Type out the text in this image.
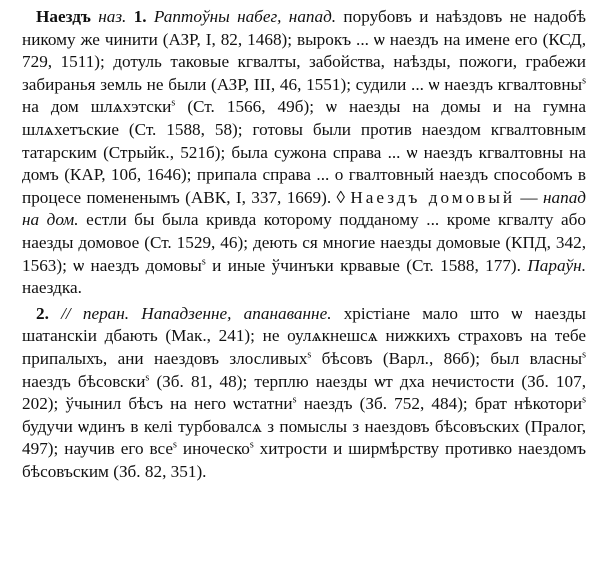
Наездъ наз. 1. Раптоўны набег, напад. порубовъ и наѣздовъ не надобѣ никому же чинити (АЗР, I, 82, 1468); вырокъ ... ѡ наездъ на имене его (КСД, 729, 1511); дотуль таковые кгвалты, забойства, наѣзды, пожоги, грабежи забиранья земль не были (АЗР, III, 46, 1551); судили ... ѡ наездъ кгвалтовны$^s$ на дом шлѧхэтски$^s$ (Ст. 1566, 49б); ѡ наезды на домы и на гумна шлѧхетъские (Ст. 1588, 58); готовы были против наездом кгвалтовным татарским (Стрыйк., 521б); была сужона справа ... ѡ наездъ кгвалтовны на домъ (КАР, 10б, 1646); припала справа ... о гвалтовный наездъ способомъ в процесе помененымъ (АВК, I, 337, 1669). ◊ Наездъ домовый — напад на дом. естли бы была кривда которому подданому ... кроме кгвалту або наезды домовое (Ст. 1529, 46); деють ся многие наезды домовые (КПД, 342, 1563); ѡ наездъ домовы$^s$ и иные ўчинъки крвавые (Ст. 1588, 177). Параўн. наездка.

2. // перан. Нападзенне, апанаванне. хрістіане мало што ѡ наезды шатанскіи дбають (Мак., 241); не оулѧкнешсѧ нижкихъ страховъ на тебе припалыхъ, ани наездовъ злосливых$^s$ бѣсовъ (Варл., 86б); был власны$^s$ наездъ бѣсовски$^s$ (Зб. 81, 48); терплю наезды ѡт дха нечистости (Зб. 107, 202); ўчынил бѣсъ на него ѡстатни$^s$ наездъ (Зб. 752, 484); брат нѣкотори$^s$ будучи ѡдинъ в келi турбовалсѧ з помыслы з наездовъ бѣсовъских (Пралог, 497); научив его все$^s$ иноческо$^s$ хитрости и ширмѣрству противко наездомъ бѣсовъским (Зб. 82, 351).
